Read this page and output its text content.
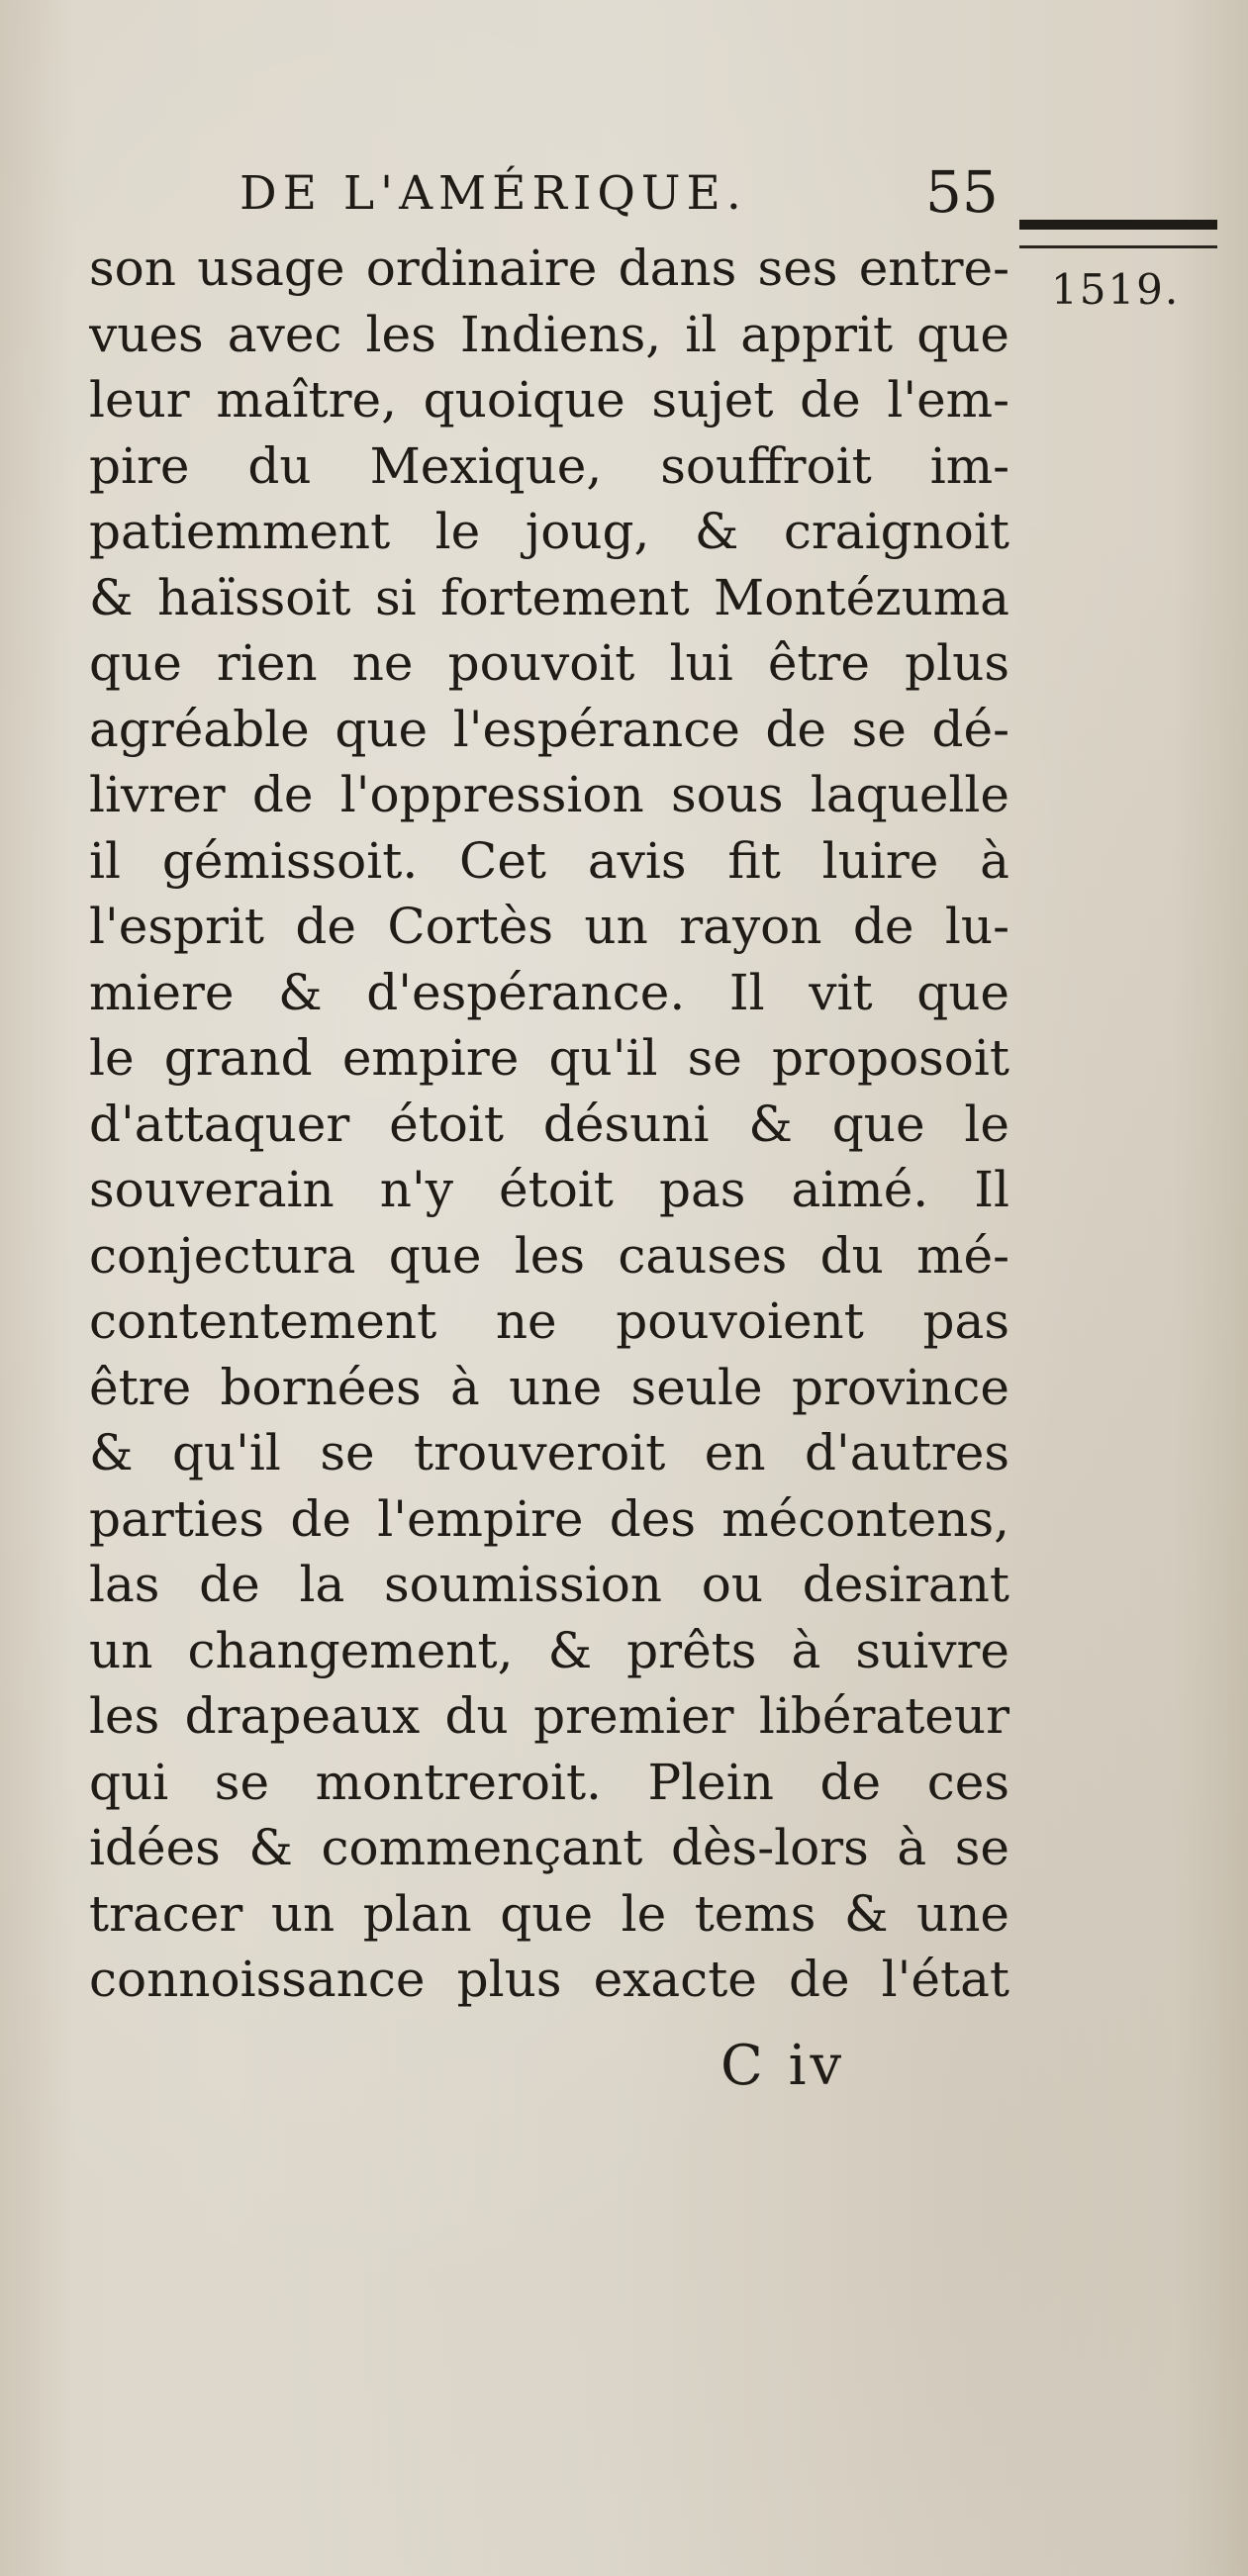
DE L'AMÉRIQUE.	55
1519.
son usage ordinaire dans ses entre-
vues avec les Indiens, il apprit que
leur maître, quoique sujet de l'em-
pire du Mexique, souffroit im-
patiemment le joug, & craignoit
& haïssoit si fortement Montézuma
que rien ne pouvoit lui être plus
agréable que l'espérance de se dé-
livrer de l'oppression sous laquelle
il gémissoit. Cet avis fit luire à
l'esprit de Cortès un rayon de lu-
miere & d'espérance. Il vit que
le grand empire qu'il se proposoit
d'attaquer étoit désuni & que le
souverain n'y étoit pas aimé. Il
conjectura que les causes du mé-
contentement ne pouvoient pas
être bornées à une seule province
& qu'il se trouveroit en d'autres
parties de l'empire des mécontens,
las de la soumission ou desirant
un changement, & prêts à suivre
les drapeaux du premier libérateur
qui se montreroit. Plein de ces
idées & commençant dès-lors à se
tracer un plan que le tems & une
connoissance plus exacte de l'état
C iv
